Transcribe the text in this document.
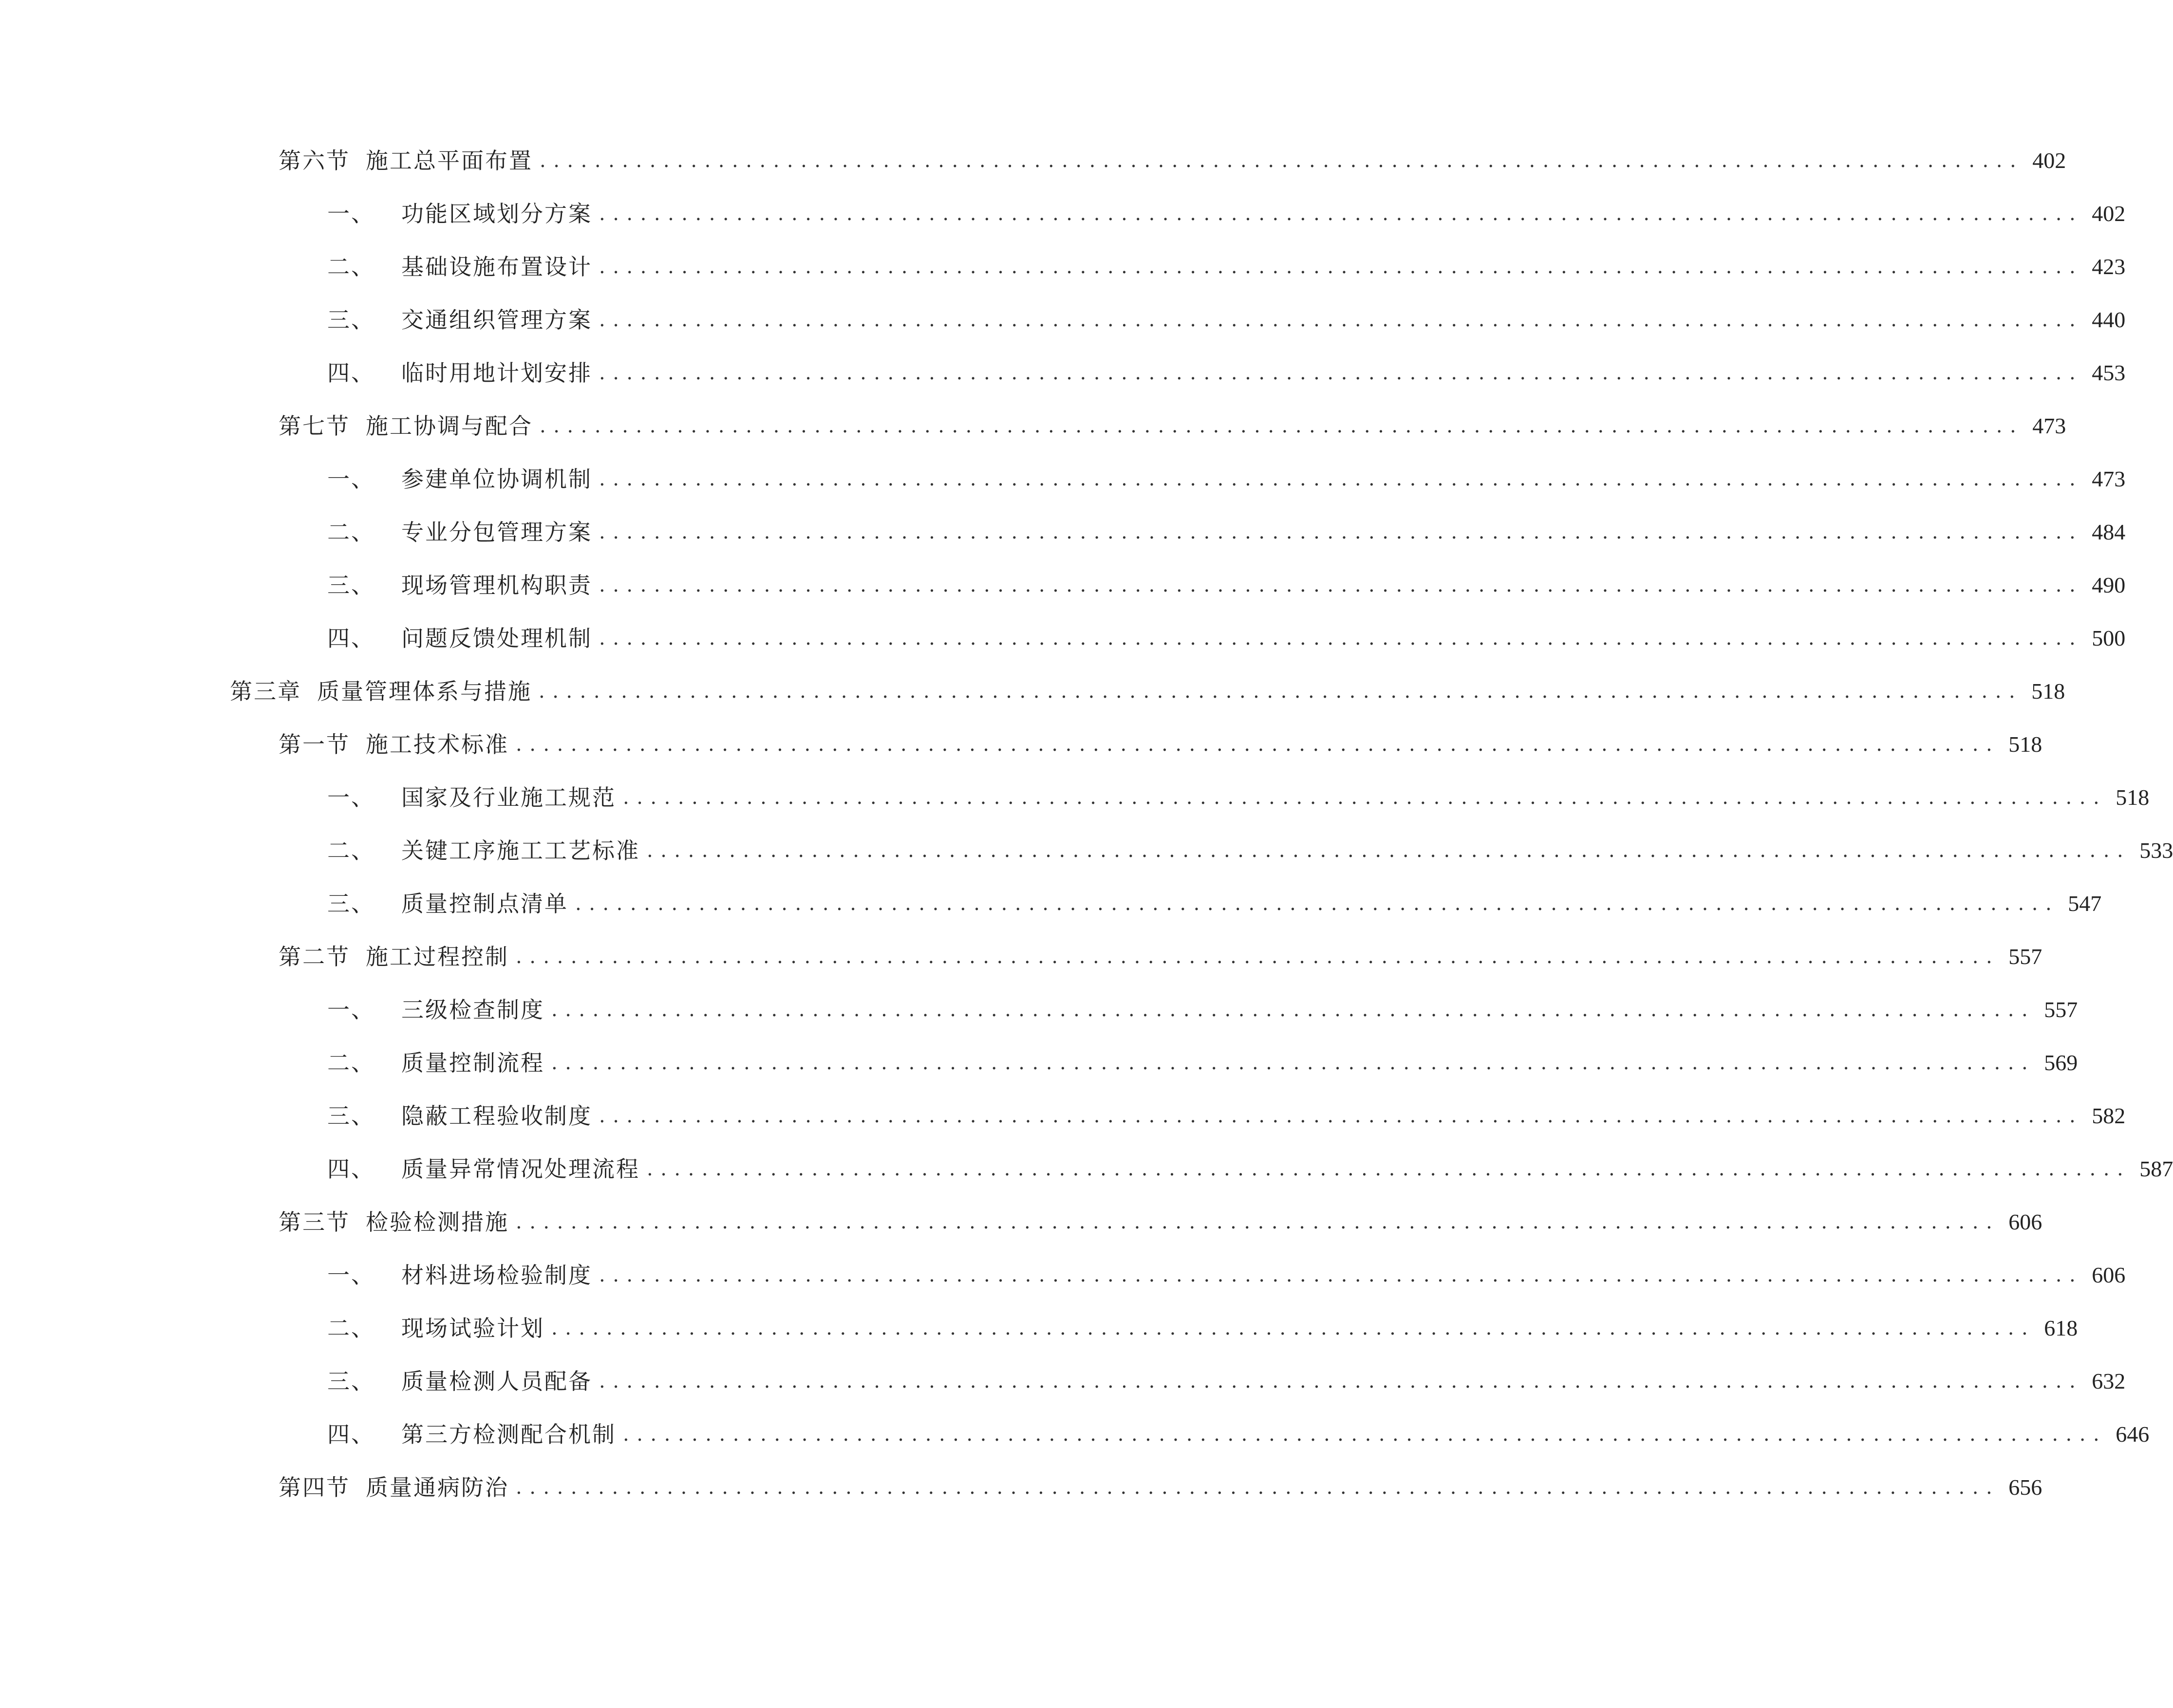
第六节 施工总平面布置 ............................................................................................................ 402
一、 功能区域划分方案 ............................................................................................................ 402
二、 基础设施布置设计 ............................................................................................................ 423
三、 交通组织管理方案 ............................................................................................................ 440
四、 临时用地计划安排 ............................................................................................................ 453
第七节 施工协调与配合 ............................................................................................................ 473
一、 参建单位协调机制 ............................................................................................................ 473
二、 专业分包管理方案 ............................................................................................................ 484
三、 现场管理机构职责 ............................................................................................................ 490
四、 问题反馈处理机制 ............................................................................................................ 500
第三章 质量管理体系与措施 ............................................................................................................ 518
第一节 施工技术标准 ............................................................................................................ 518
一、 国家及行业施工规范 ............................................................................................................ 518
二、 关键工序施工工艺标准 ............................................................................................................ 533
三、 质量控制点清单 ............................................................................................................ 547
第二节 施工过程控制 ............................................................................................................ 557
一、 三级检查制度 ............................................................................................................ 557
二、 质量控制流程 ............................................................................................................ 569
三、 隐蔽工程验收制度 ............................................................................................................ 582
四、 质量异常情况处理流程 ............................................................................................................ 587
第三节 检验检测措施 ............................................................................................................ 606
一、 材料进场检验制度 ............................................................................................................ 606
二、 现场试验计划 ............................................................................................................ 618
三、 质量检测人员配备 ............................................................................................................ 632
四、 第三方检测配合机制 ............................................................................................................ 646
第四节 质量通病防治 ............................................................................................................ 656
